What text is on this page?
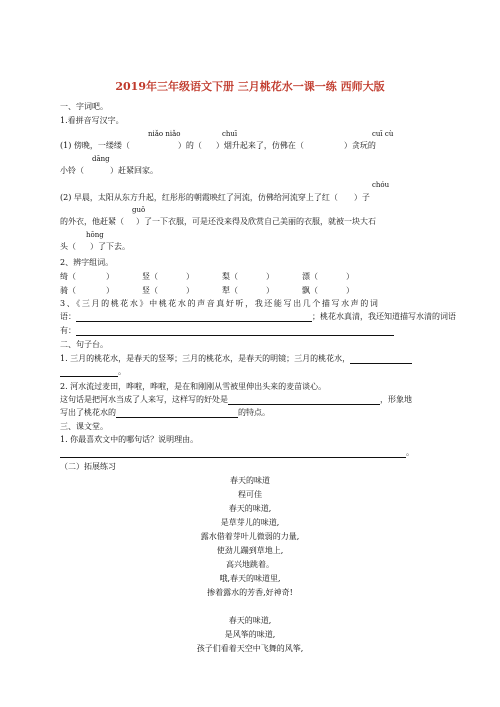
2019年三年级语文下册 三月桃花水一课一练 西师大版
一、字词吧。
1.看拼音写汉字。
niǎo niǎo	chuī	cuī cù
(1) 傍晚，一缕缕（	）的（ ）烟升起来了，仿佛在（	）贪玩的
dāng
小铃（	）赶紧回家。
chóu
(2) 早晨，太阳从东方升起，红彤彤的朝霞映红了河流，仿佛给河流穿上了红（ ）子
guǒ
的外衣，他赶紧（ ）了一下衣服，可是还没来得及欣赏自己美丽的衣服，就被一块大石
hōng
头（ ）了下去。
2、辨字组词。
绮（	）	竖（	）	梨（	）	漂（	）
骑（	）	竖（	）	犁（	）	飘（	）
3、《三月的桃花水》中桃花水的声音真好听，我还能写出几个描写水声的词
语：	；桃花水真清，我还知道描写水清的词语
有：
二、句子台。
1. 三月的桃花水，是春天的竖琴；三月的桃花水，是春天的明镜；三月的桃花水，
。
2. 河水流过麦田，哗啦，哗啦，是在和刚刚从雪被里伸出头来的麦苗谈心。
这句话是把河水当成了人来写，这样写的好处是	，形象地
写出了桃花水的	的特点。
三、课文堂。
1. 你最喜欢文中的哪句话？说明理由。
。
（二）拓展练习
春天的味道
程可佳
春天的味道,
是草芽儿的味道,
露水借着芽叶儿微弱的力量,
使劲儿蹦到草地上,
高兴地跳着。
哦,春天的味道里,
掺着露水的芳香,好神奇!
春天的味道,
是风筝的味道,
孩子们看着天空中飞舞的风筝,
